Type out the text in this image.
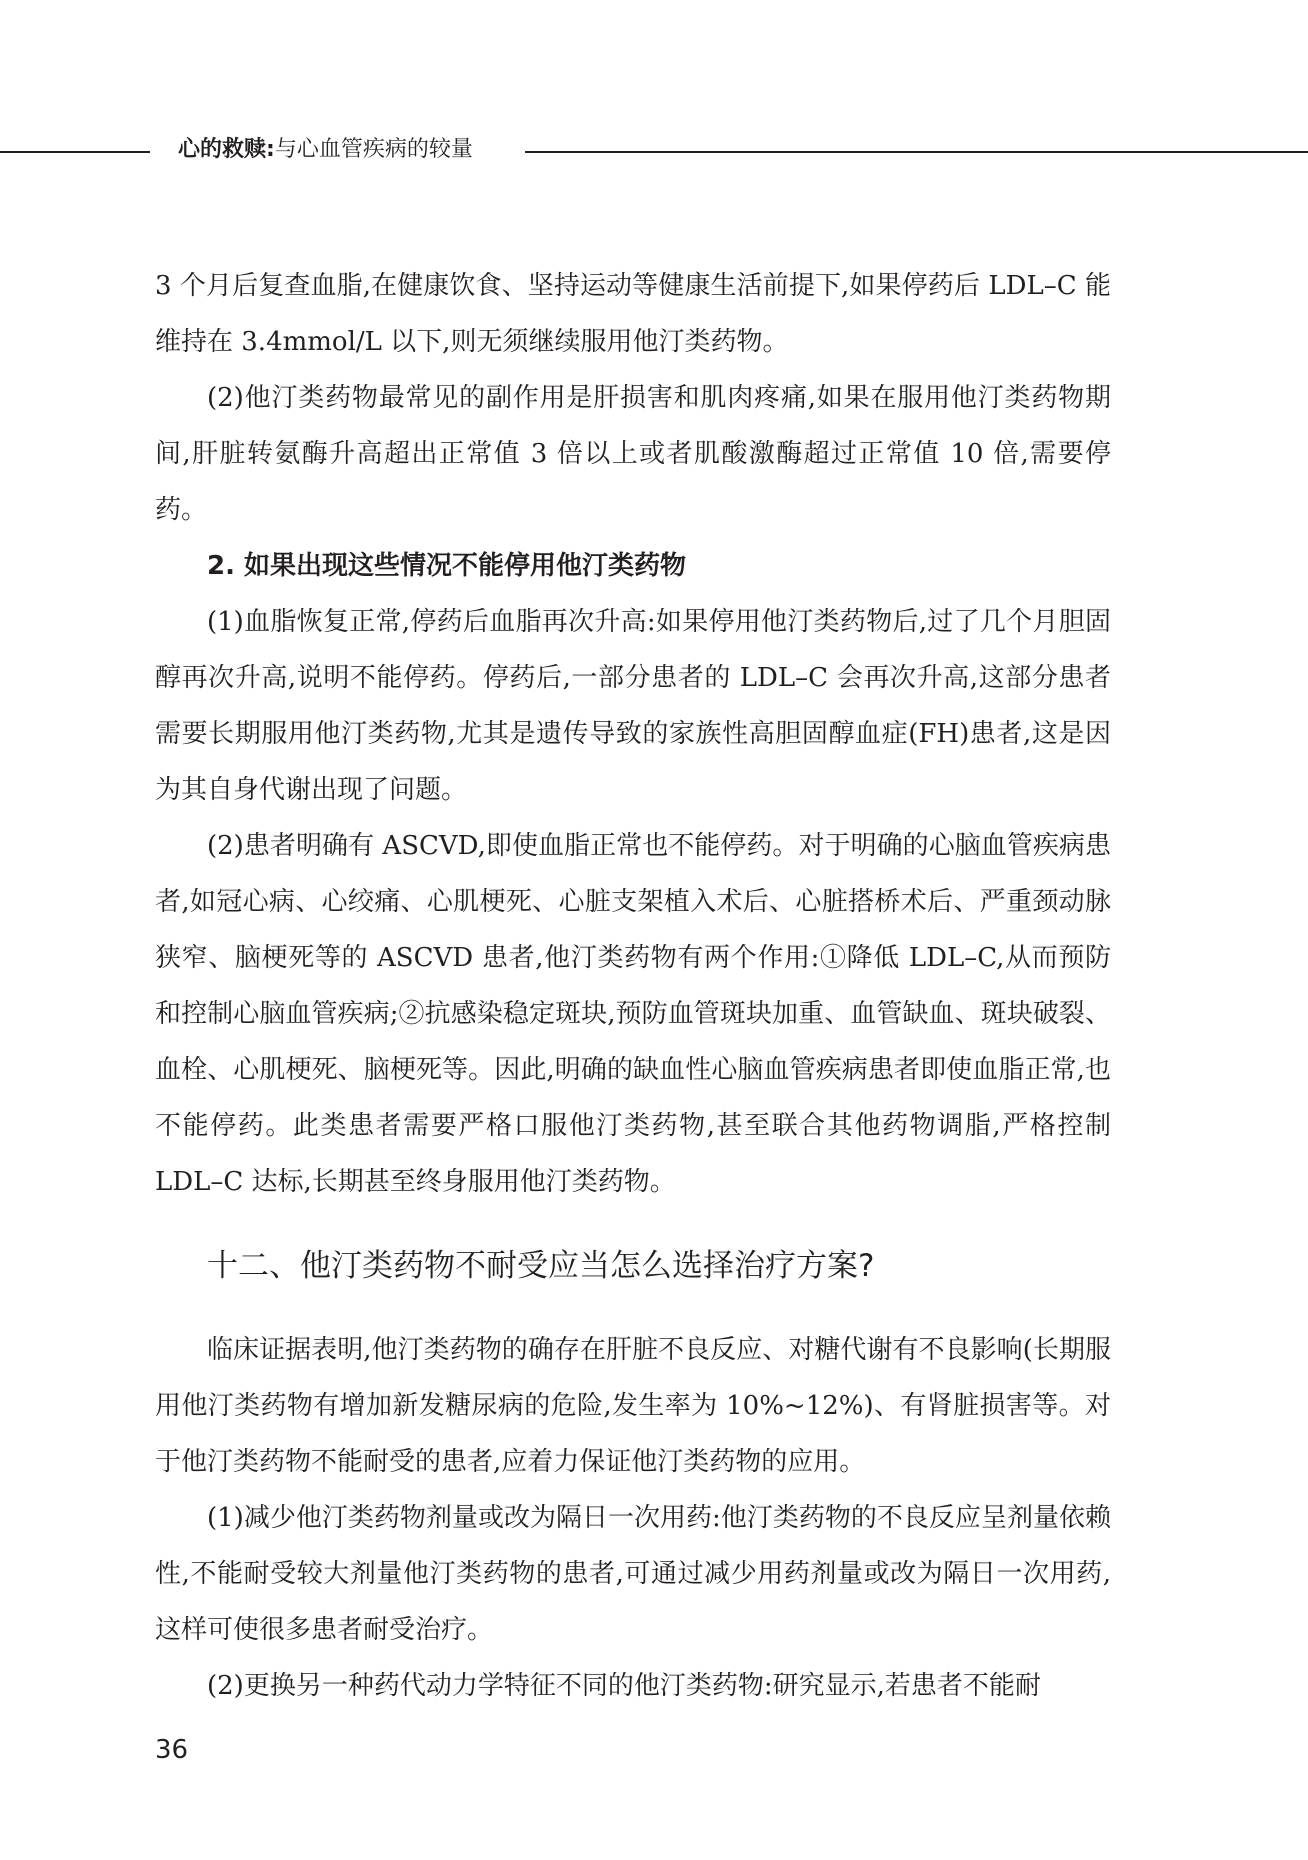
心的救赎:与心血管疾病的较量

3 个月后复查血脂,在健康饮食、坚持运动等健康生活前提下,如果停药后 LDL–C 能维持在 3.4mmol/L 以下,则无须继续服用他汀类药物。

(2)他汀类药物最常见的副作用是肝损害和肌肉疼痛,如果在服用他汀类药物期间,肝脏转氨酶升高超出正常值 3 倍以上或者肌酸激酶超过正常值 10 倍,需要停药。

2. 如果出现这些情况不能停用他汀类药物

(1)血脂恢复正常,停药后血脂再次升高:如果停用他汀类药物后,过了几个月胆固醇再次升高,说明不能停药。停药后,一部分患者的 LDL–C 会再次升高,这部分患者需要长期服用他汀类药物,尤其是遗传导致的家族性高胆固醇血症(FH)患者,这是因为其自身代谢出现了问题。

(2)患者明确有 ASCVD,即使血脂正常也不能停药。对于明确的心脑血管疾病患者,如冠心病、心绞痛、心肌梗死、心脏支架植入术后、心脏搭桥术后、严重颈动脉狭窄、脑梗死等的 ASCVD 患者,他汀类药物有两个作用:①降低 LDL–C,从而预防和控制心脑血管疾病;②抗感染稳定斑块,预防血管斑块加重、血管缺血、斑块破裂、血栓、心肌梗死、脑梗死等。因此,明确的缺血性心脑血管疾病患者即使血脂正常,也不能停药。此类患者需要严格口服他汀类药物,甚至联合其他药物调脂,严格控制 LDL–C 达标,长期甚至终身服用他汀类药物。

十二、他汀类药物不耐受应当怎么选择治疗方案?

临床证据表明,他汀类药物的确存在肝脏不良反应、对糖代谢有不良影响(长期服用他汀类药物有增加新发糖尿病的危险,发生率为 10%~12%)、有肾脏损害等。对于他汀类药物不能耐受的患者,应着力保证他汀类药物的应用。

(1)减少他汀类药物剂量或改为隔日一次用药:他汀类药物的不良反应呈剂量依赖性,不能耐受较大剂量他汀类药物的患者,可通过减少用药剂量或改为隔日一次用药,这样可使很多患者耐受治疗。

(2)更换另一种药代动力学特征不同的他汀类药物:研究显示,若患者不能耐

36
